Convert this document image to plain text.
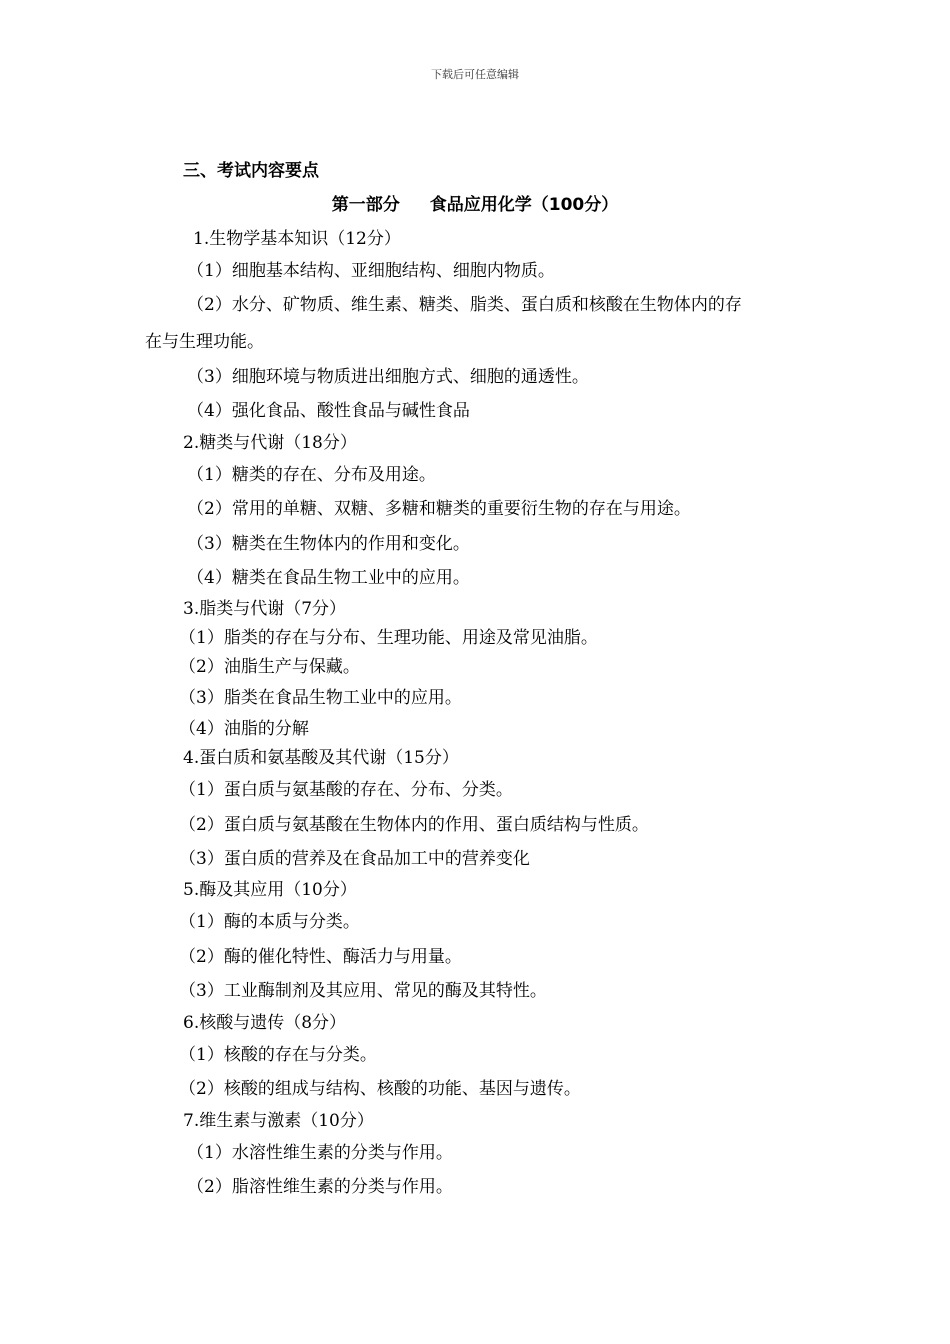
下载后可任意编辑
三、考试内容要点
第一部分 食品应用化学（100分）
1.生物学基本知识（12分）
（1）细胞基本结构、亚细胞结构、细胞内物质。
（2）水分、矿物质、维生素、糖类、脂类、蛋白质和核酸在生物体内的存
在与生理功能。
（3）细胞环境与物质进出细胞方式、细胞的通透性。
（4）强化食品、酸性食品与碱性食品
2.糖类与代谢（18分）
（1）糖类的存在、分布及用途。
（2）常用的单糖、双糖、多糖和糖类的重要衍生物的存在与用途。
（3）糖类在生物体内的作用和变化。
（4）糖类在食品生物工业中的应用。
3.脂类与代谢（7分）
（1）脂类的存在与分布、生理功能、用途及常见油脂。
（2）油脂生产与保藏。
（3）脂类在食品生物工业中的应用。
（4）油脂的分解
4.蛋白质和氨基酸及其代谢（15分）
（1）蛋白质与氨基酸的存在、分布、分类。
（2）蛋白质与氨基酸在生物体内的作用、蛋白质结构与性质。
（3）蛋白质的营养及在食品加工中的营养变化
5.酶及其应用（10分）
（1）酶的本质与分类。
（2）酶的催化特性、酶活力与用量。
（3）工业酶制剂及其应用、常见的酶及其特性。
6.核酸与遗传（8分）
（1）核酸的存在与分类。
（2）核酸的组成与结构、核酸的功能、基因与遗传。
7.维生素与激素（10分）
（1）水溶性维生素的分类与作用。
（2）脂溶性维生素的分类与作用。
